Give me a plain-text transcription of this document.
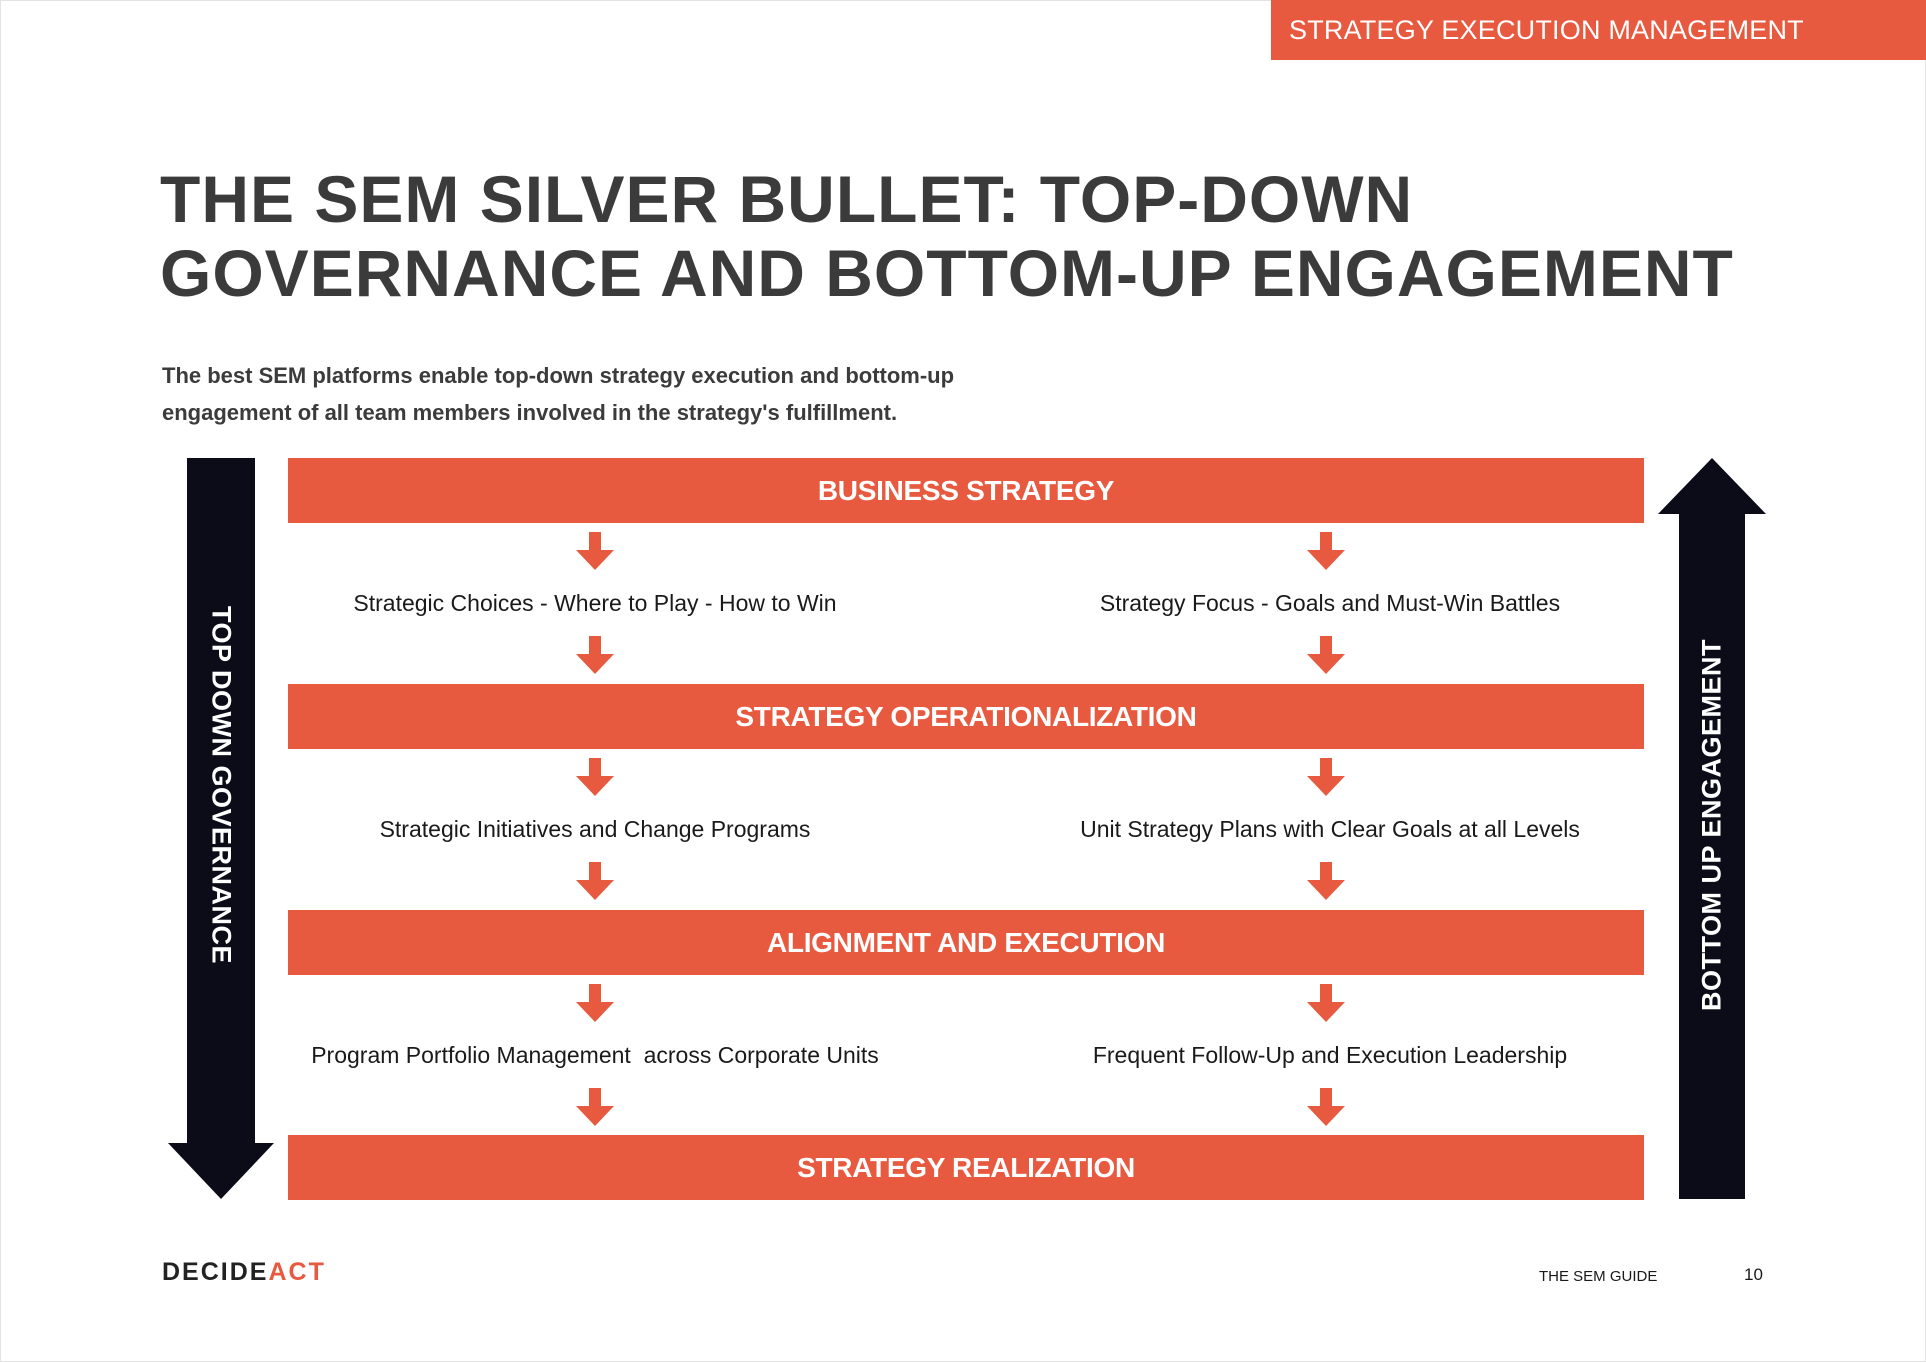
STRATEGY EXECUTION MANAGEMENT
THE SEM SILVER BULLET: TOP-DOWN
GOVERNANCE AND BOTTOM-UP ENGAGEMENT

The best SEM platforms enable top-down strategy execution and bottom-up
engagement of all team members involved in the strategy's fulfillment.

TOP DOWN GOVERNANCE	BOTTOM UP ENGAGEMENT
BUSINESS STRATEGY
STRATEGY OPERATIONALIZATION
ALIGNMENT AND EXECUTION
STRATEGY REALIZATION
Strategic Choices - Where to Play - How to Win	Strategy Focus - Goals and Must-Win Battles
Strategic Initiatives and Change Programs	Unit Strategy Plans with Clear Goals at all Levels
Program Portfolio Management  across Corporate Units	Frequent Follow-Up and Execution Leadership
DECIDEACT	THE SEM GUIDE	10
